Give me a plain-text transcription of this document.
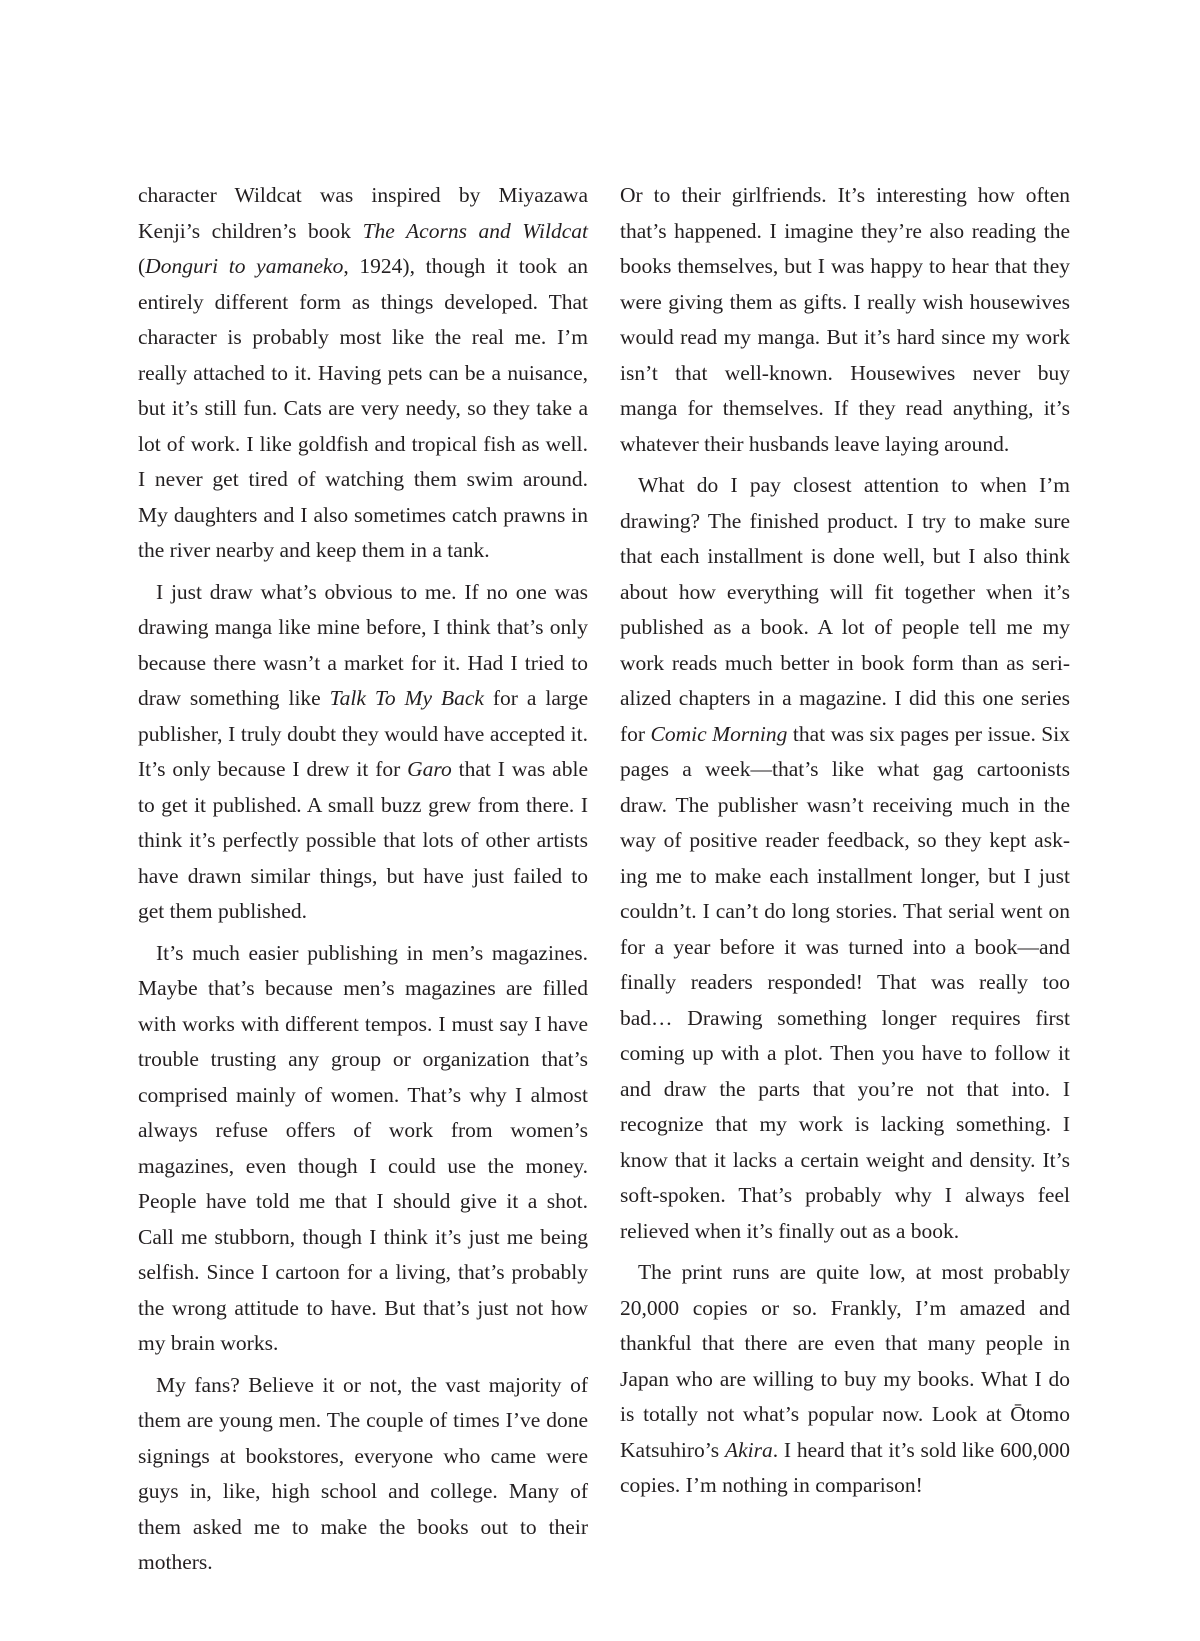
character Wildcat was inspired by Miyazawa Kenji’s children’s book The Acorns and Wildcat (Donguri to yamaneko, 1924), though it took an entirely different form as things developed. That character is probably most like the real me. I’m really attached to it. Having pets can be a nuisance, but it’s still fun. Cats are very needy, so they take a lot of work. I like goldfish and tropical fish as well. I never get tired of watching them swim around. My daughters and I also sometimes catch prawns in the river nearby and keep them in a tank.

I just draw what’s obvious to me. If no one was drawing manga like mine before, I think that’s only because there wasn’t a market for it. Had I tried to draw something like Talk To My Back for a large publisher, I truly doubt they would have accepted it. It’s only because I drew it for Garo that I was able to get it published. A small buzz grew from there. I think it’s perfectly possible that lots of other artists have drawn similar things, but have just failed to get them published.

It’s much easier publishing in men’s magazines. Maybe that’s because men’s magazines are filled with works with different tempos. I must say I have trouble trusting any group or organization that’s comprised mainly of women. That’s why I almost always refuse offers of work from women’s magazines, even though I could use the money. People have told me that I should give it a shot. Call me stubborn, though I think it’s just me being selfish. Since I cartoon for a living, that’s probably the wrong attitude to have. But that’s just not how my brain works.

My fans? Believe it or not, the vast majority of them are young men. The couple of times I’ve done signings at bookstores, everyone who came were guys in, like, high school and college. Many of them asked me to make the books out to their mothers.

Or to their girlfriends. It’s interesting how often that’s happened. I imagine they’re also reading the books themselves, but I was happy to hear that they were giving them as gifts. I really wish housewives would read my manga. But it’s hard since my work isn’t that well-known. Housewives never buy manga for themselves. If they read anything, it’s whatever their husbands leave laying around.

What do I pay closest attention to when I’m drawing? The finished product. I try to make sure that each installment is done well, but I also think about how everything will fit together when it’s published as a book. A lot of people tell me my work reads much better in book form than as serialized chapters in a magazine. I did this one series for Comic Morning that was six pages per issue. Six pages a week—that’s like what gag cartoonists draw. The publisher wasn’t receiving much in the way of positive reader feedback, so they kept asking me to make each installment longer, but I just couldn’t. I can’t do long stories. That serial went on for a year before it was turned into a book—and finally readers responded! That was really too bad… Drawing something longer requires first coming up with a plot. Then you have to follow it and draw the parts that you’re not that into. I recognize that my work is lacking something. I know that it lacks a certain weight and density. It’s soft-spoken. That’s probably why I always feel relieved when it’s finally out as a book.

The print runs are quite low, at most probably 20,000 copies or so. Frankly, I’m amazed and thankful that there are even that many people in Japan who are willing to buy my books. What I do is totally not what’s popular now. Look at Ōtomo Katsuhiro’s Akira. I heard that it’s sold like 600,000 copies. I’m nothing in comparison!
